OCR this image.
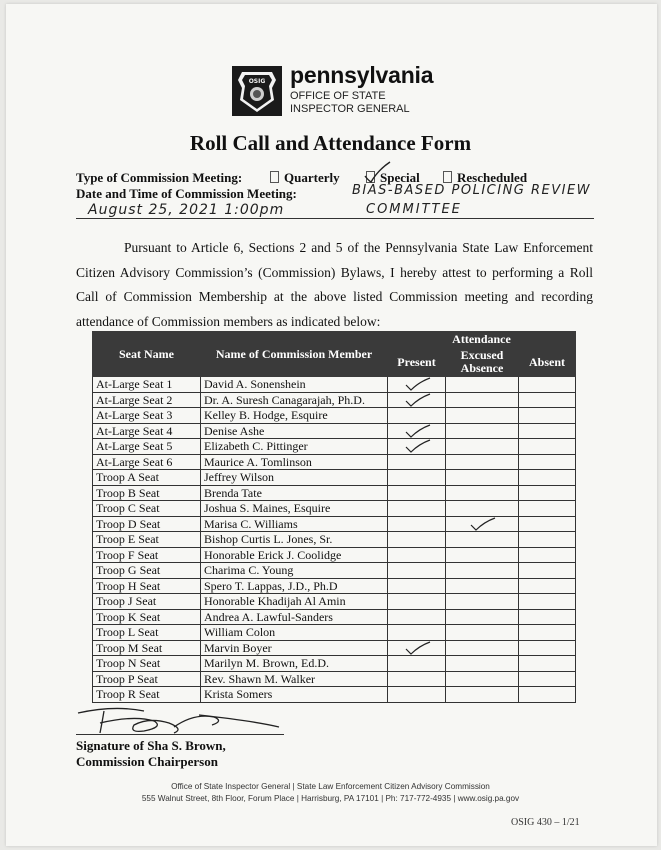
OSIG pennsylvania
OFFICE OF STATE
INSPECTOR GENERAL
Roll Call and Attendance Form
Type of Commission Meeting:	Quarterly	Special	Rescheduled
Date and Time of Commission Meeting:	BIAS-BASED POLICING REVIEW
COMMITTEE
August 25, 2021 1:00pm
Pursuant to Article 6, Sections 2 and 5 of the Pennsylvania State Law Enforcement Citizen Advisory Commission’s (Commission) Bylaws, I hereby attest to performing a Roll Call of Commission Membership at the above listed Commission meeting and recording attendance of Commission members as indicated below:
Seat Name	Name of Commission Member	Attendance		
		Present	Excused Absence	Absent
At-Large Seat 1	David A. Sonenshein	

At-Large Seat 2	Dr. A. Suresh Canagarajah, Ph.D.	

At-Large Seat 3	Kelley B. Hodge, Esquire			
At-Large Seat 4	Denise Ashe	

At-Large Seat 5	Elizabeth C. Pittinger	

At-Large Seat 6	Maurice A. Tomlinson			
Troop A Seat	Jeffrey Wilson			
Troop B Seat	Brenda Tate			
Troop C Seat	Joshua S. Maines, Esquire			
Troop D Seat	Marisa C. Williams		

Troop E Seat	Bishop Curtis L. Jones, Sr.			
Troop F Seat	Honorable Erick J. Coolidge			
Troop G Seat	Charima C. Young			
Troop H Seat	Spero T. Lappas, J.D., Ph.D			
Troop J Seat	Honorable Khadijah Al Amin			
Troop K Seat	Andrea A. Lawful-Sanders			
Troop L Seat	William Colon			
Troop M Seat	Marvin Boyer	

Troop N Seat	Marilyn M. Brown, Ed.D.			
Troop P Seat	Rev. Shawn M. Walker			
Troop R Seat	Krista Somers			
Signature of Sha S. Brown,
Commission Chairperson
Office of State Inspector General | State Law Enforcement Citizen Advisory Commission
555 Walnut Street, 8th Floor, Forum Place | Harrisburg, PA 17101 | Ph: 717-772-4935 | www.osig.pa.gov
OSIG 430 – 1/21
